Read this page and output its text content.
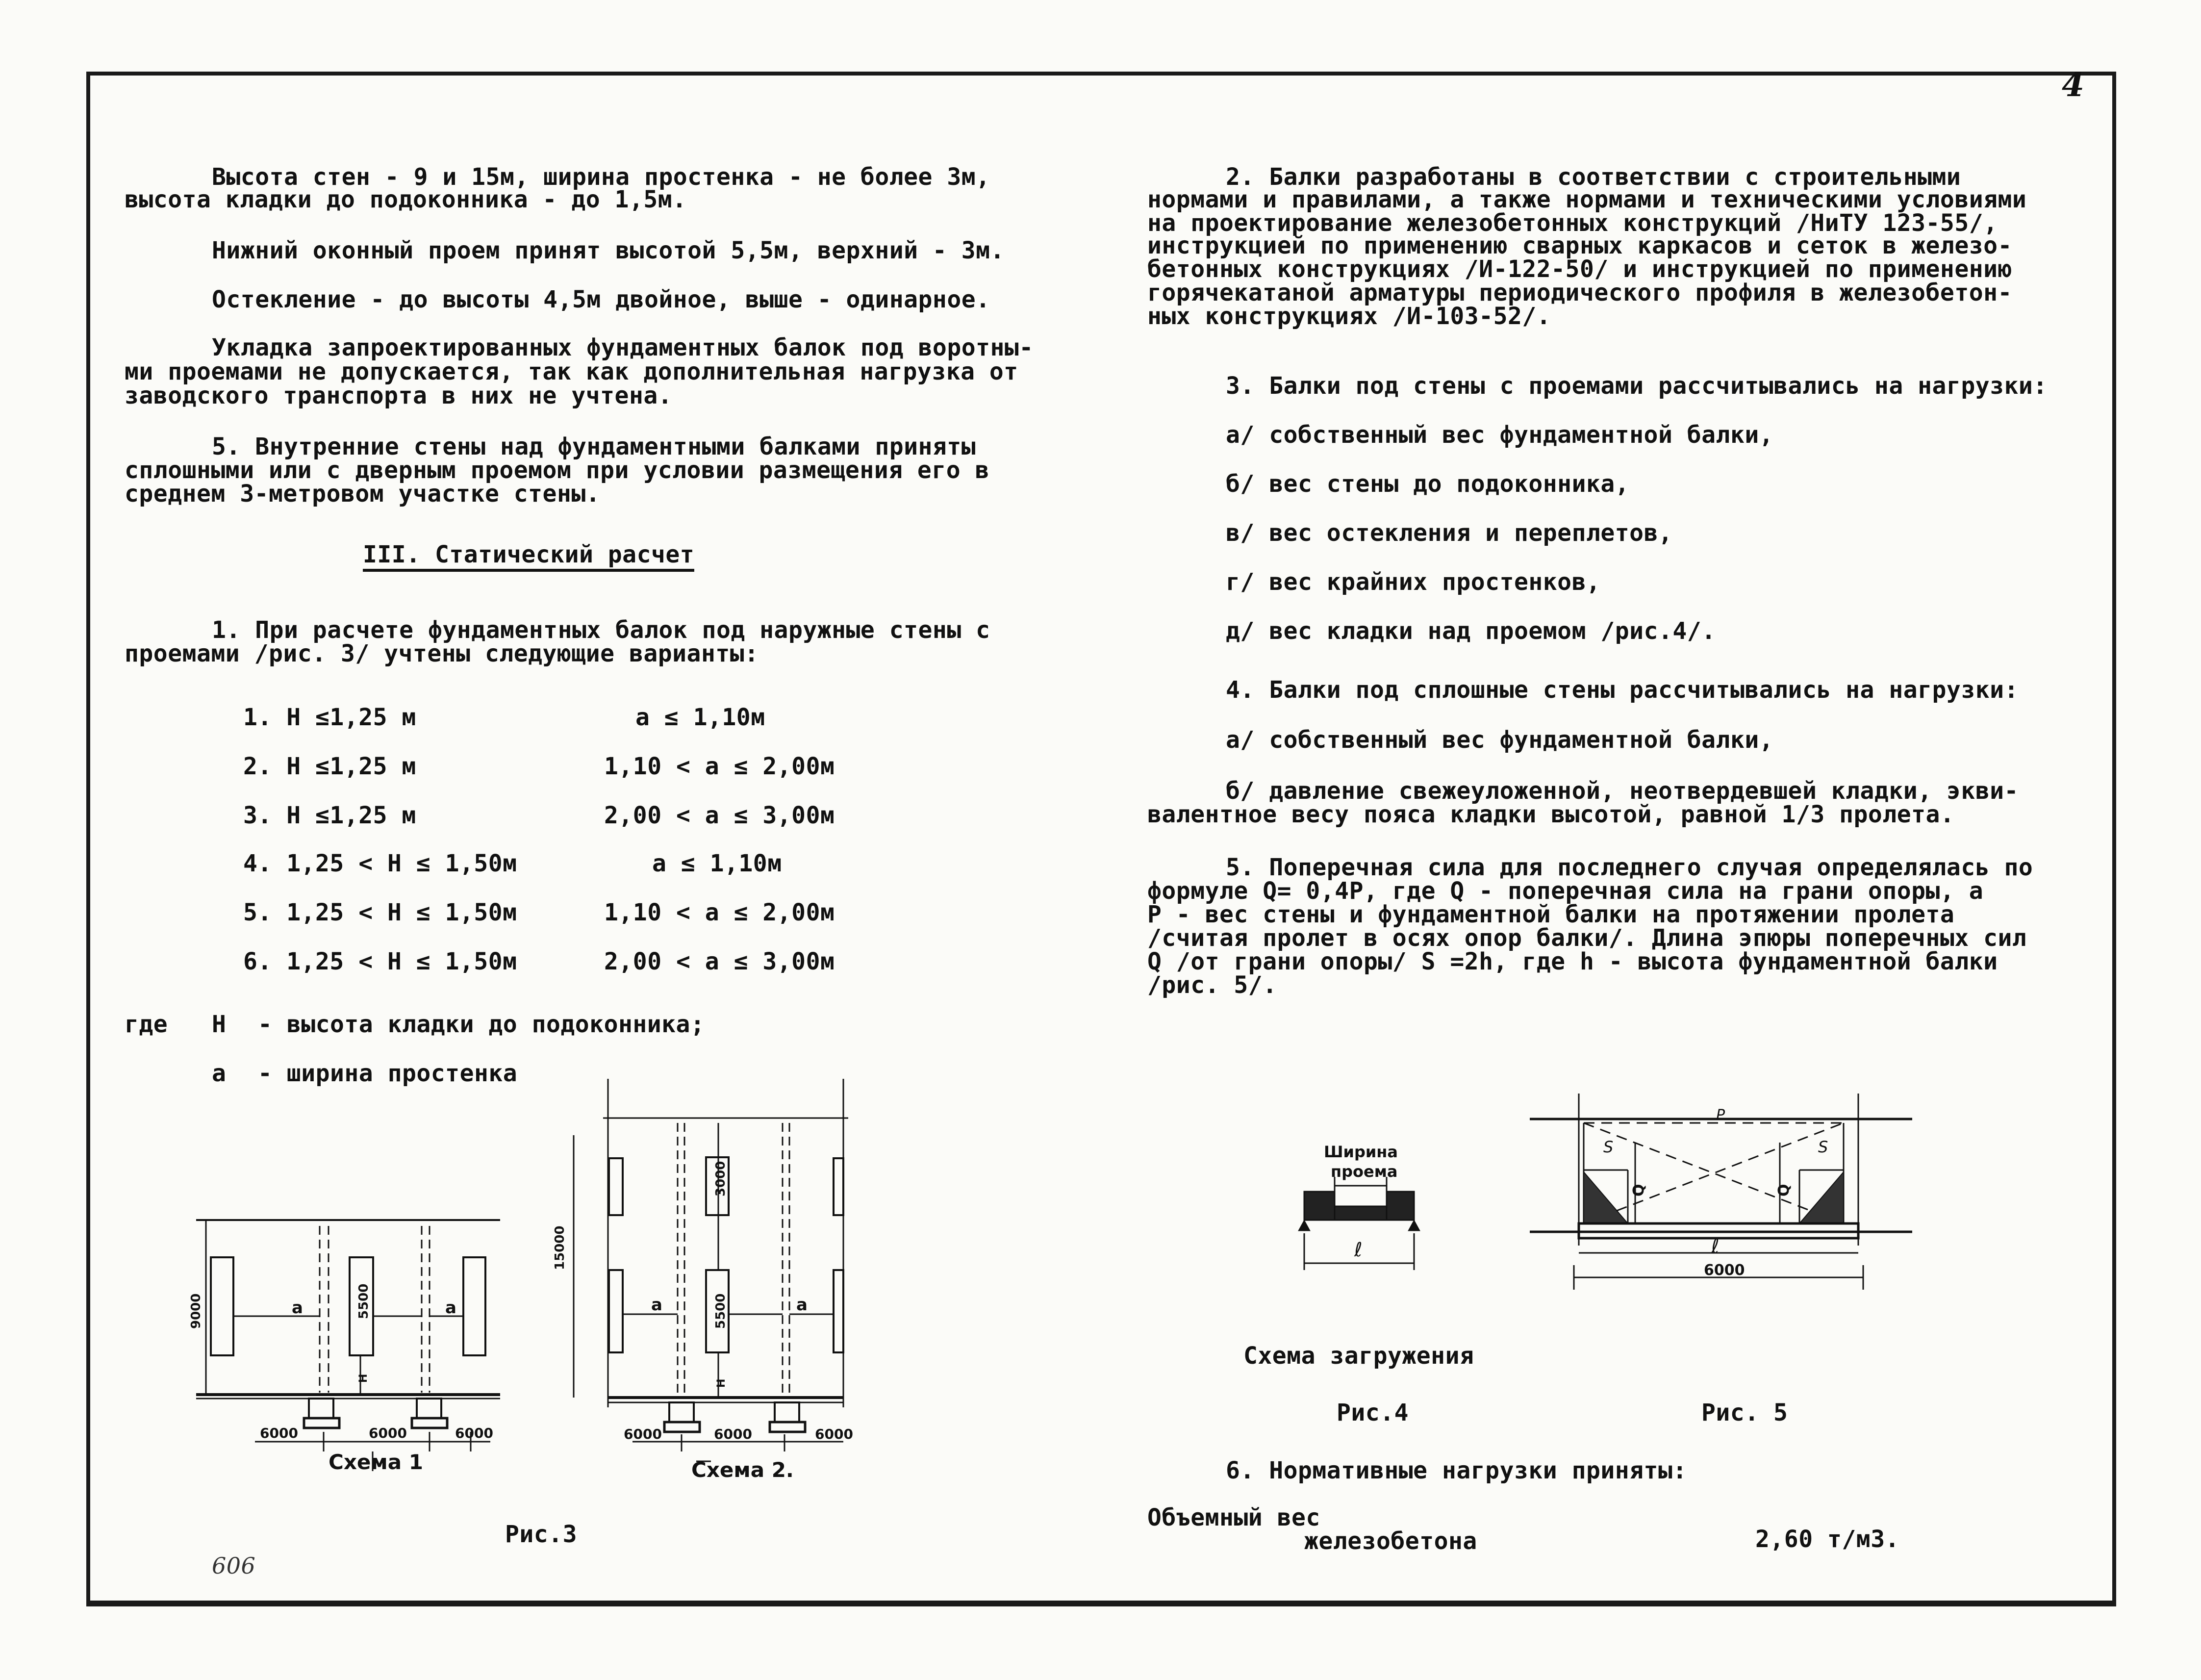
4
Высота стен - 9 и 15м, ширина простенка - не более 3м,
высота кладки до подоконника - до 1,5м.
Нижний оконный проем принят высотой 5,5м, верхний - 3м.
Остекление - до высоты 4,5м двойное, выше - одинарное.
Укладка запроектированных фундаментных балок под воротны-
ми проемами не допускается, так как дополнительная нагрузка от
заводского транспорта в них не учтена.
5. Внутренние стены над фундаментными балками приняты
сплошными или с дверным проемом при условии размещения его в
среднем 3-метровом участке стены.
III. Статический расчет
1. При расчете фундаментных балок под наружные стены с
проемами /рис. 3/ учтены следующие варианты:
1. Н ≤1,25 м	а ≤ 1,10м
2. Н ≤1,25 м	1,10 < а ≤ 2,00м
3. Н ≤1,25 м	2,00 < а ≤ 3,00м
4. 1,25 < Н ≤ 1,50м	а ≤ 1,10м
5. 1,25 < Н ≤ 1,50м	1,10 < а ≤ 2,00м
6. 1,25 < Н ≤ 1,50м	2,00 < а ≤ 3,00м
где Н - высота кладки до подоконника;
а - ширина простенка
9000	5500
а	а
Н
6000	6000	6000
Схема 1
15000
3000
5500
а	а
Н
6000	6000	6000
Схема 2.
Рис.3
606
2. Балки разработаны в соответствии с строительными
нормами и правилами, а также нормами и техническими условиями
на проектирование железобетонных конструкций /НиТУ 123-55/,
инструкцией по применению сварных каркасов и сеток в железо-
бетонных конструкциях /И-122-50/ и инструкцией по применению
горячекатаной арматуры периодического профиля в железобетон-
ных конструкциях /И-103-52/.
3. Балки под стены с проемами рассчитывались на нагрузки:
а/ собственный вес фундаментной балки,
б/ вес стены до подоконника,
в/ вес остекления и переплетов,
г/ вес крайних простенков,
д/ вес кладки над проемом /рис.4/.
4. Балки под сплошные стены рассчитывались на нагрузки:
а/ собственный вес фундаментной балки,
б/ давление свежеуложенной, неотвердевшей кладки, экви-
валентное весу пояса кладки высотой, равной 1/3 пролета.
5. Поперечная сила для последнего случая определялась по
формуле Q= 0,4Р, где Q - поперечная сила на грани опоры, а
Р - вес стены и фундаментной балки на протяжении пролета
/считая пролет в осях опор балки/. Длина эпюры поперечных сил
Q /от грани опоры/ S =2h, где h - высота фундаментной балки
/рис. 5/.
Ширина
проема
ℓ
Р
S	S
Q	Q
ℓ
6000
Схема загружения
Рис.4	Рис. 5
6. Нормативные нагрузки приняты:
Объемный вес
железобетона	2,60 т/м3.
